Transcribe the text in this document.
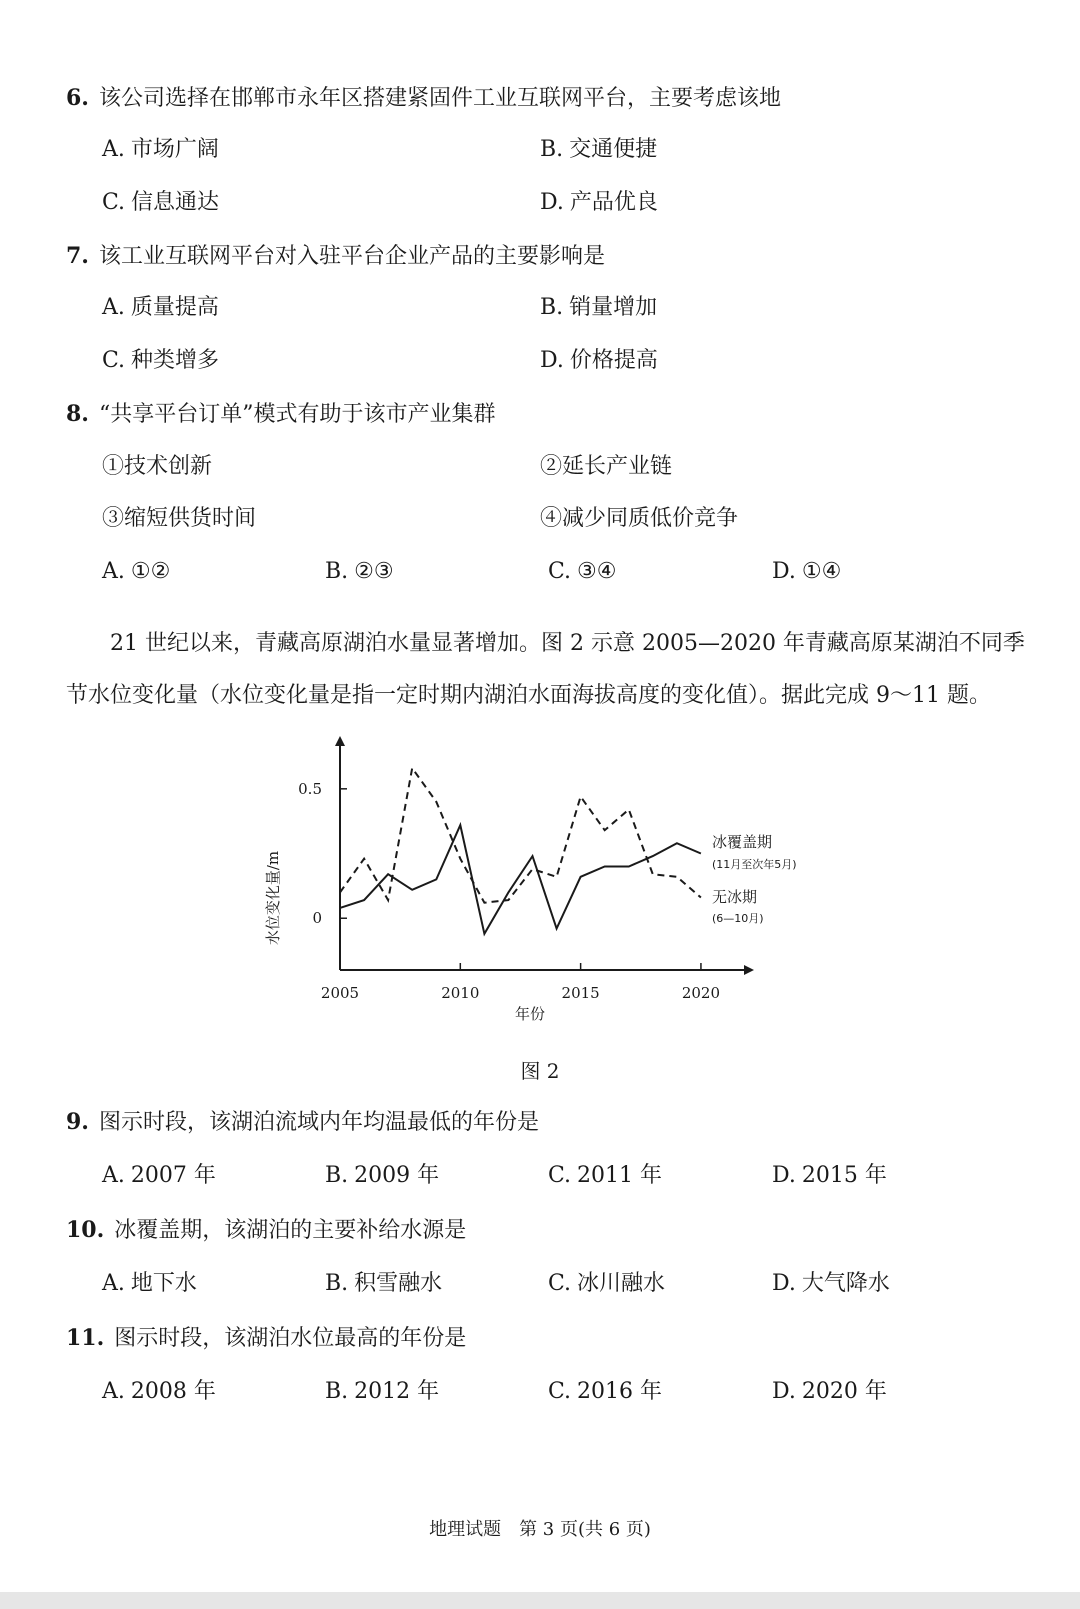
6. 该公司选择在邯郸市永年区搭建紧固件工业互联网平台，主要考虑该地
A. 市场广阔	B. 交通便捷
C. 信息通达	D. 产品优良
7. 该工业互联网平台对入驻平台企业产品的主要影响是
A. 质量提高	B. 销量增加
C. 种类增多	D. 价格提高
8. “共享平台订单”模式有助于该市产业集群
①技术创新	②延长产业链
③缩短供货时间	④减少同质低价竞争
A. ①②	B. ②③	C. ③④	D. ①④
21 世纪以来，青藏高原湖泊水量显著增加。图 2 示意 2005—2020 年青藏高原某湖泊不同季
节水位变化量（水位变化量是指一定时期内湖泊水面海拔高度的变化值）。据此完成 9～11 题。
2005	2010	2015	2020
0
0.5
水位变化量/m
年份
冰覆盖期
(11月至次年5月)
无冰期
(6—10月)
图 2
9. 图示时段，该湖泊流域内年均温最低的年份是
A. 2007 年	B. 2009 年	C. 2011 年	D. 2015 年
10. 冰覆盖期，该湖泊的主要补给水源是
A. 地下水	B. 积雪融水	C. 冰川融水	D. 大气降水
11. 图示时段，该湖泊水位最高的年份是
A. 2008 年	B. 2012 年	C. 2016 年	D. 2020 年
地理试题　第 3 页(共 6 页)
